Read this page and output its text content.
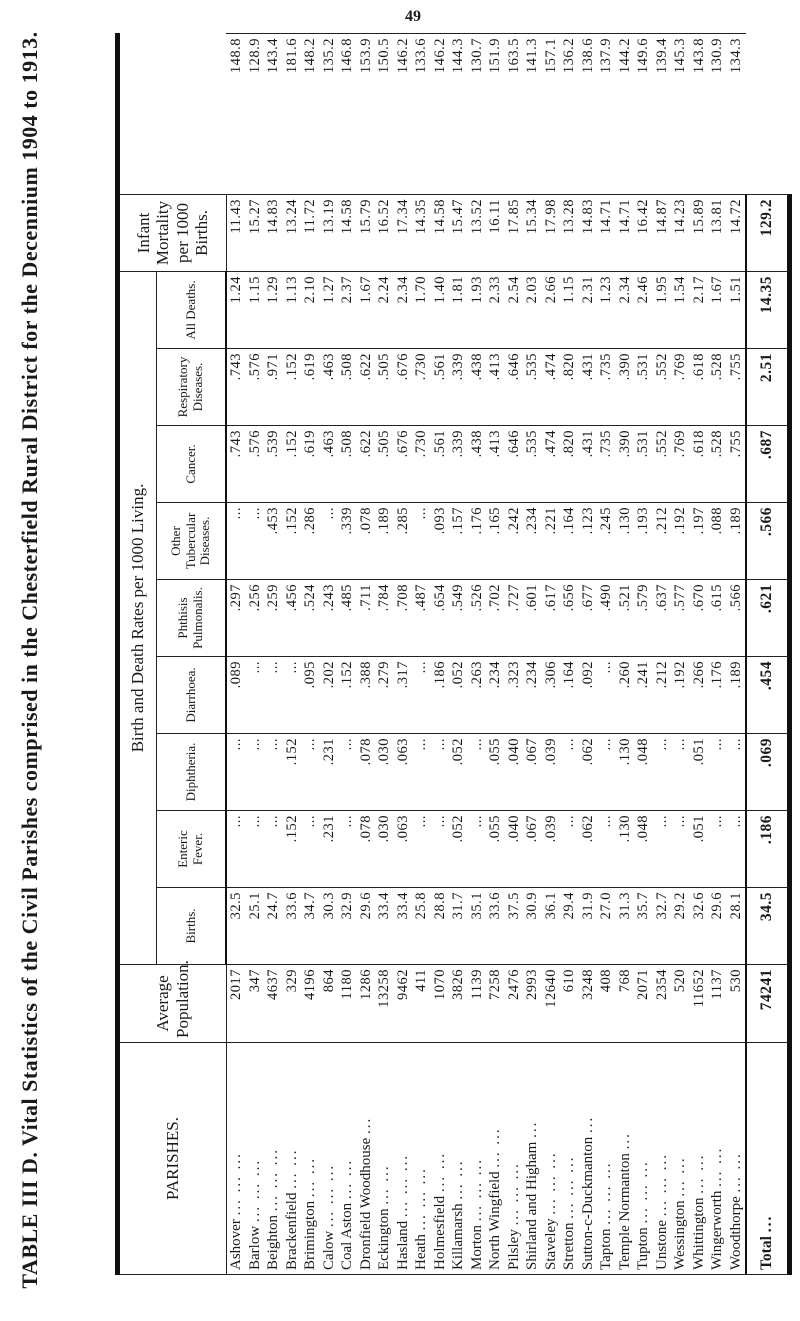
TABLE III D. Vital Statistics of the Civil Parishes comprised in the Chesterfield Rural District for the Decennium 1904 to 1913.
49
PARISHES.	Average Population.	Birth and Death Rates per 1000 Living.									Infant Mortality per 1000 Births.	
		Births.	Enteric Fever.	Diphtheria.	Diarrhoea.	Phthisis Pulmonalis.	Other Tubercular Diseases.	Cancer.	Respiratory Diseases.	All Deaths.		
Ashover ... ... ...	2017	32.5	...	...	.089	.297	...	.743	.743	1.24	11.43	148.8
Barlow ... ... ...	347	25.1	...	...	...	.256	...	.576	.576	1.15	15.27	128.9
Beighton ... ... ...	4637	24.7	...	...	...	.259	.453	.539	.971	1.29	14.83	143.4
Brackenfield ... ...	329	33.6	.152	.152	...	.456	.152	.152	.152	1.13	13.24	181.6
Brimington ... ...	4196	34.7	...	...	.095	.524	.286	.619	.619	2.10	11.72	148.2
Calow ... ... ...	864	30.3	.231	.231	.202	.243	...	.463	.463	1.27	13.19	135.2
Coal Aston ... ...	1180	32.9	...	...	.152	.485	.339	.508	.508	2.37	14.58	146.8
Dronfield Woodhouse ...	1286	29.6	.078	.078	.388	.711	.078	.622	.622	1.67	15.79	153.9
Eckington ... ...	13258	33.4	.030	.030	.279	.784	.189	.505	.505	2.24	16.52	150.5
Hasland ... ... ...	9462	33.4	.063	.063	.317	.708	.285	.676	.676	2.34	17.34	146.2
Heath ... ... ...	411	25.8	...	...	...	.487	...	.730	.730	1.70	14.35	133.6
Holmesfield ... ...	1070	28.8	...	...	.186	.654	.093	.561	.561	1.40	14.58	146.2
Killamarsh ... ...	3826	31.7	.052	.052	.052	.549	.157	.339	.339	1.81	15.47	144.3
Morton ... ... ...	1139	35.1	...	...	.263	.526	.176	.438	.438	1.93	13.52	130.7
North Wingfield ... ...	7258	33.6	.055	.055	.234	.702	.165	.413	.413	2.33	16.11	151.9
Pilsley ... ... ...	2476	37.5	.040	.040	.323	.727	.242	.646	.646	2.54	17.85	163.5
Shirland and Higham ...	2993	30.9	.067	.067	.234	.601	.234	.535	.535	2.03	15.34	141.3
Staveley ... ... ...	12640	36.1	.039	.039	.306	.617	.221	.474	.474	2.66	17.98	157.1
Stretton ... ... ...	610	29.4	...	...	.164	.656	.164	.820	.820	1.15	13.28	136.2
Sutton-c-Duckmanton ...	3248	31.9	.062	.062	.092	.677	.123	.431	.431	2.31	14.83	138.6
Tapton ... ... ...	408	27.0	...	...	...	.490	.245	.735	.735	1.23	14.71	137.9
Temple Normanton ...	768	31.3	.130	.130	.260	.521	.130	.390	.390	2.34	14.71	144.2
Tupton ... ... ...	2071	35.7	.048	.048	.241	.579	.193	.531	.531	2.46	16.42	149.6
Unstone ... ... ...	2354	32.7	...	...	.212	.637	.212	.552	.552	1.95	14.87	139.4
Wessington ... ...	520	29.2	...	...	.192	.577	.192	.769	.769	1.54	14.23	145.3
Whittington ... ...	11652	32.6	.051	.051	.266	.670	.197	.618	.618	2.17	15.89	143.8
Wingerworth ... ...	1137	29.6	...	...	.176	.615	.088	.528	.528	1.67	13.81	130.9
Woodthorpe ... ...	530	28.1	...	...	.189	.566	.189	.755	.755	1.51	14.72	134.3
Total ...	74241	34.5	.186	.069	.454	.621	.566	.687	2.51	14.35	129.2	
